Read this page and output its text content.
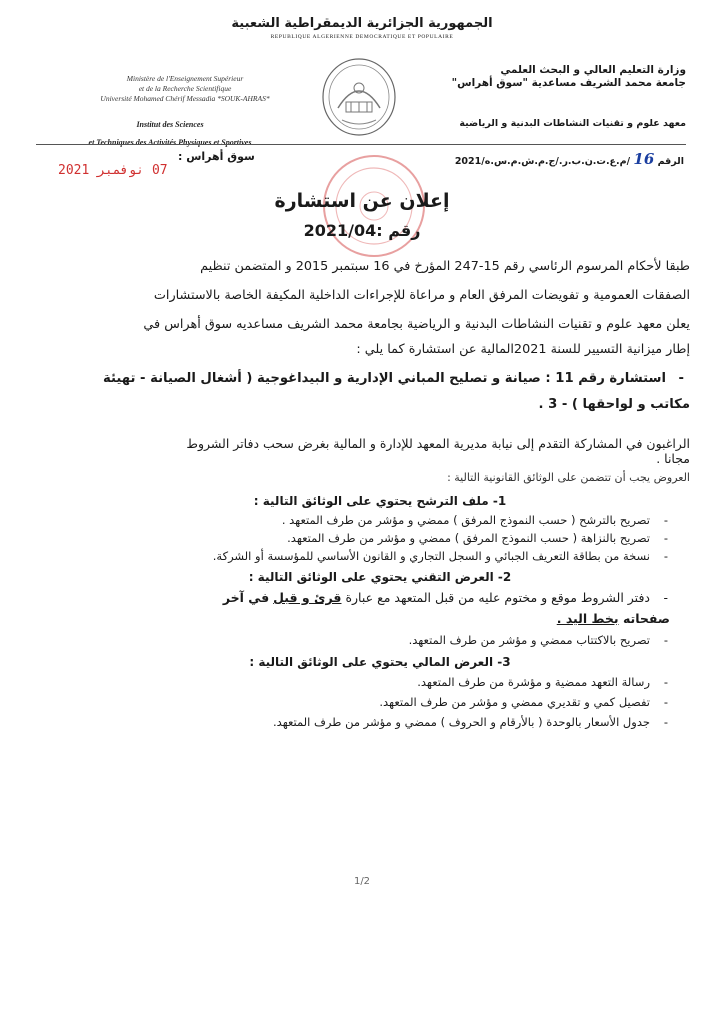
الجمهورية الجزائرية الديمقراطية الشعبية
REPUBLIQUE ALGERIENNE DEMOCRATIQUE ET POPULAIRE
Ministère de l'Enseignement Supérieur
et de la Recherche Scientifique
Université Mohamed Chérif Messadia *SOUK-AHRAS*
Institut des Sciences
et Techniques des Activités Physiques et Sportives
وزارة التعليم العالي و البحث العلمي
جامعة محمد الشريف مساعدية "سوق أهراس"
معهد علوم و تقنيات النشاطات البدنية و الرياضية
الرقم 16 /م.ع.ت.ن.ب.ر./ج.م.ش.م.س.ه/2021
سوق أهراس :
07 نوفمبر 2021
إعلان عن استشارة
رقم :2021/04
طبقا لأحكام المرسوم الرئاسي رقم 15-247 المؤرخ في 16 سبتمبر 2015 و المتضمن تنظيم
الصفقات العمومية و تفويضات المرفق العام و مراعاة للإجراءات الداخلية المكيفة الخاصة بالاستشارات
يعلن معهد علوم و تقنيات النشاطات البدنية و الرياضية بجامعة محمد الشريف مساعديه سوق أهراس في
إطار ميزانية التسيير للسنة 2021المالية عن استشارة كما يلي :
-
استشارة رقم 11 : صيانة و تصليح المباني الإدارية و البيداغوجية ( أشغال الصيانة - تهيئة
مكاتب و لواحقها ) - 3 .
الراغبون في المشاركة التقدم إلى نيابة مديرية المعهد للإدارة و المالية بغرض سحب دفاتر الشروط
مجانا .
العروض يجب أن تتضمن على الوثائق القانونية التالية :
1- ملف الترشح يحتوي على الوثائق التالية :
- تصريح بالترشح ( حسب النموذج المرفق ) ممضي و مؤشر من طرف المتعهد .
- تصريح بالنزاهة ( حسب النموذج المرفق ) ممضي و مؤشر من طرف المتعهد.
- نسخة من بطاقة التعريف الجبائي و السجل التجاري و القانون الأساسي للمؤسسة أو الشركة.
2- العرض التقني يحتوي على الوثائق التالية :
- دفتر الشروط موقع و مختوم عليه من قبل المتعهد مع عبارة قرئ و قبل في آخر
صفحاته بخط اليد .
- تصريح بالاكتتاب ممضي و مؤشر من طرف المتعهد.
3- العرض المالي يحتوي على الوثائق التالية :
- رسالة التعهد ممضية و مؤشرة من طرف المتعهد.
- تفصيل كمي و تقديري ممضي و مؤشر من طرف المتعهد.
- جدول الأسعار بالوحدة ( بالأرقام و الحروف ) ممضي و مؤشر من طرف المتعهد.
1/2
